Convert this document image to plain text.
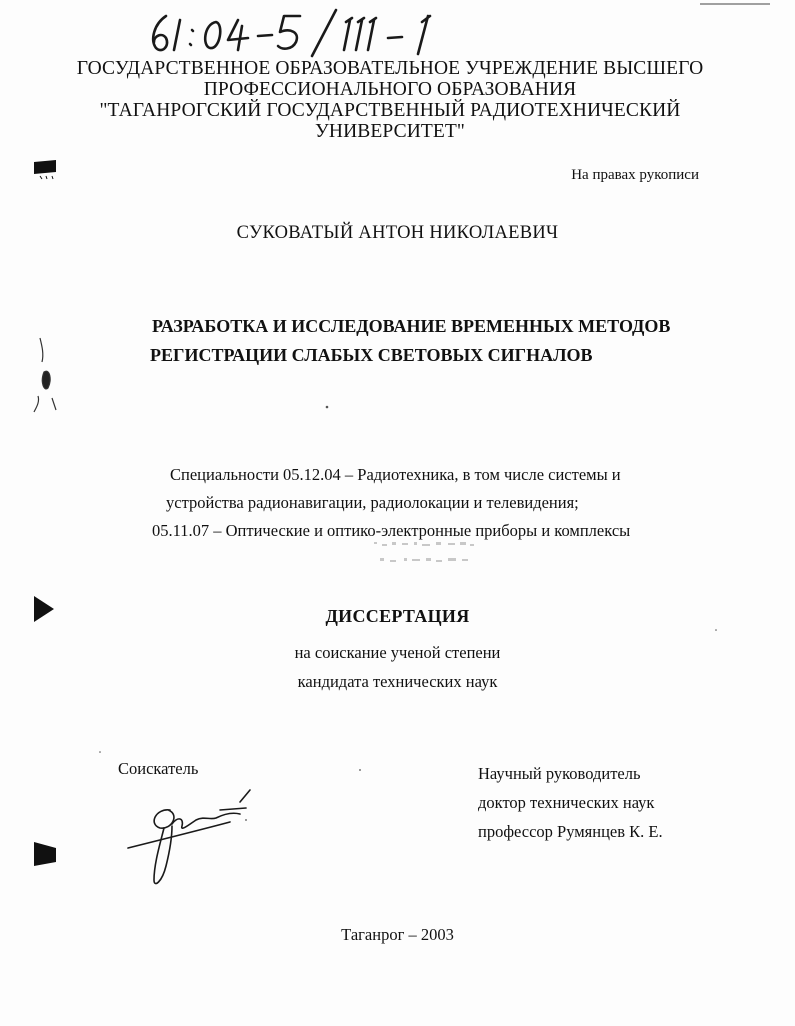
ГОСУДАРСТВЕННОЕ ОБРАЗОВАТЕЛЬНОЕ УЧРЕЖДЕНИЕ ВЫСШЕГО
ПРОФЕССИОНАЛЬНОГО ОБРАЗОВАНИЯ
"ТАГАНРОГСКИЙ ГОСУДАРСТВЕННЫЙ РАДИОТЕХНИЧЕСКИЙ
УНИВЕРСИТЕТ"
На правах рукописи
СУКОВАТЫЙ АНТОН НИКОЛАЕВИЧ
РАЗРАБОТКА И ИССЛЕДОВАНИЕ ВРЕМЕННЫХ МЕТОДОВ
РЕГИСТРАЦИИ СЛАБЫХ СВЕТОВЫХ СИГНАЛОВ
Специальности 05.12.04 – Радиотехника, в том числе системы и
устройства радионавигации, радиолокации и телевидения;
05.11.07 – Оптические и оптико-электронные приборы и комплексы
ДИССЕРТАЦИЯ
на соискание ученой степени
кандидата технических наук
Соискатель	Научный руководитель
доктор технических наук
профессор Румянцев К. Е.
Таганрог – 2003
